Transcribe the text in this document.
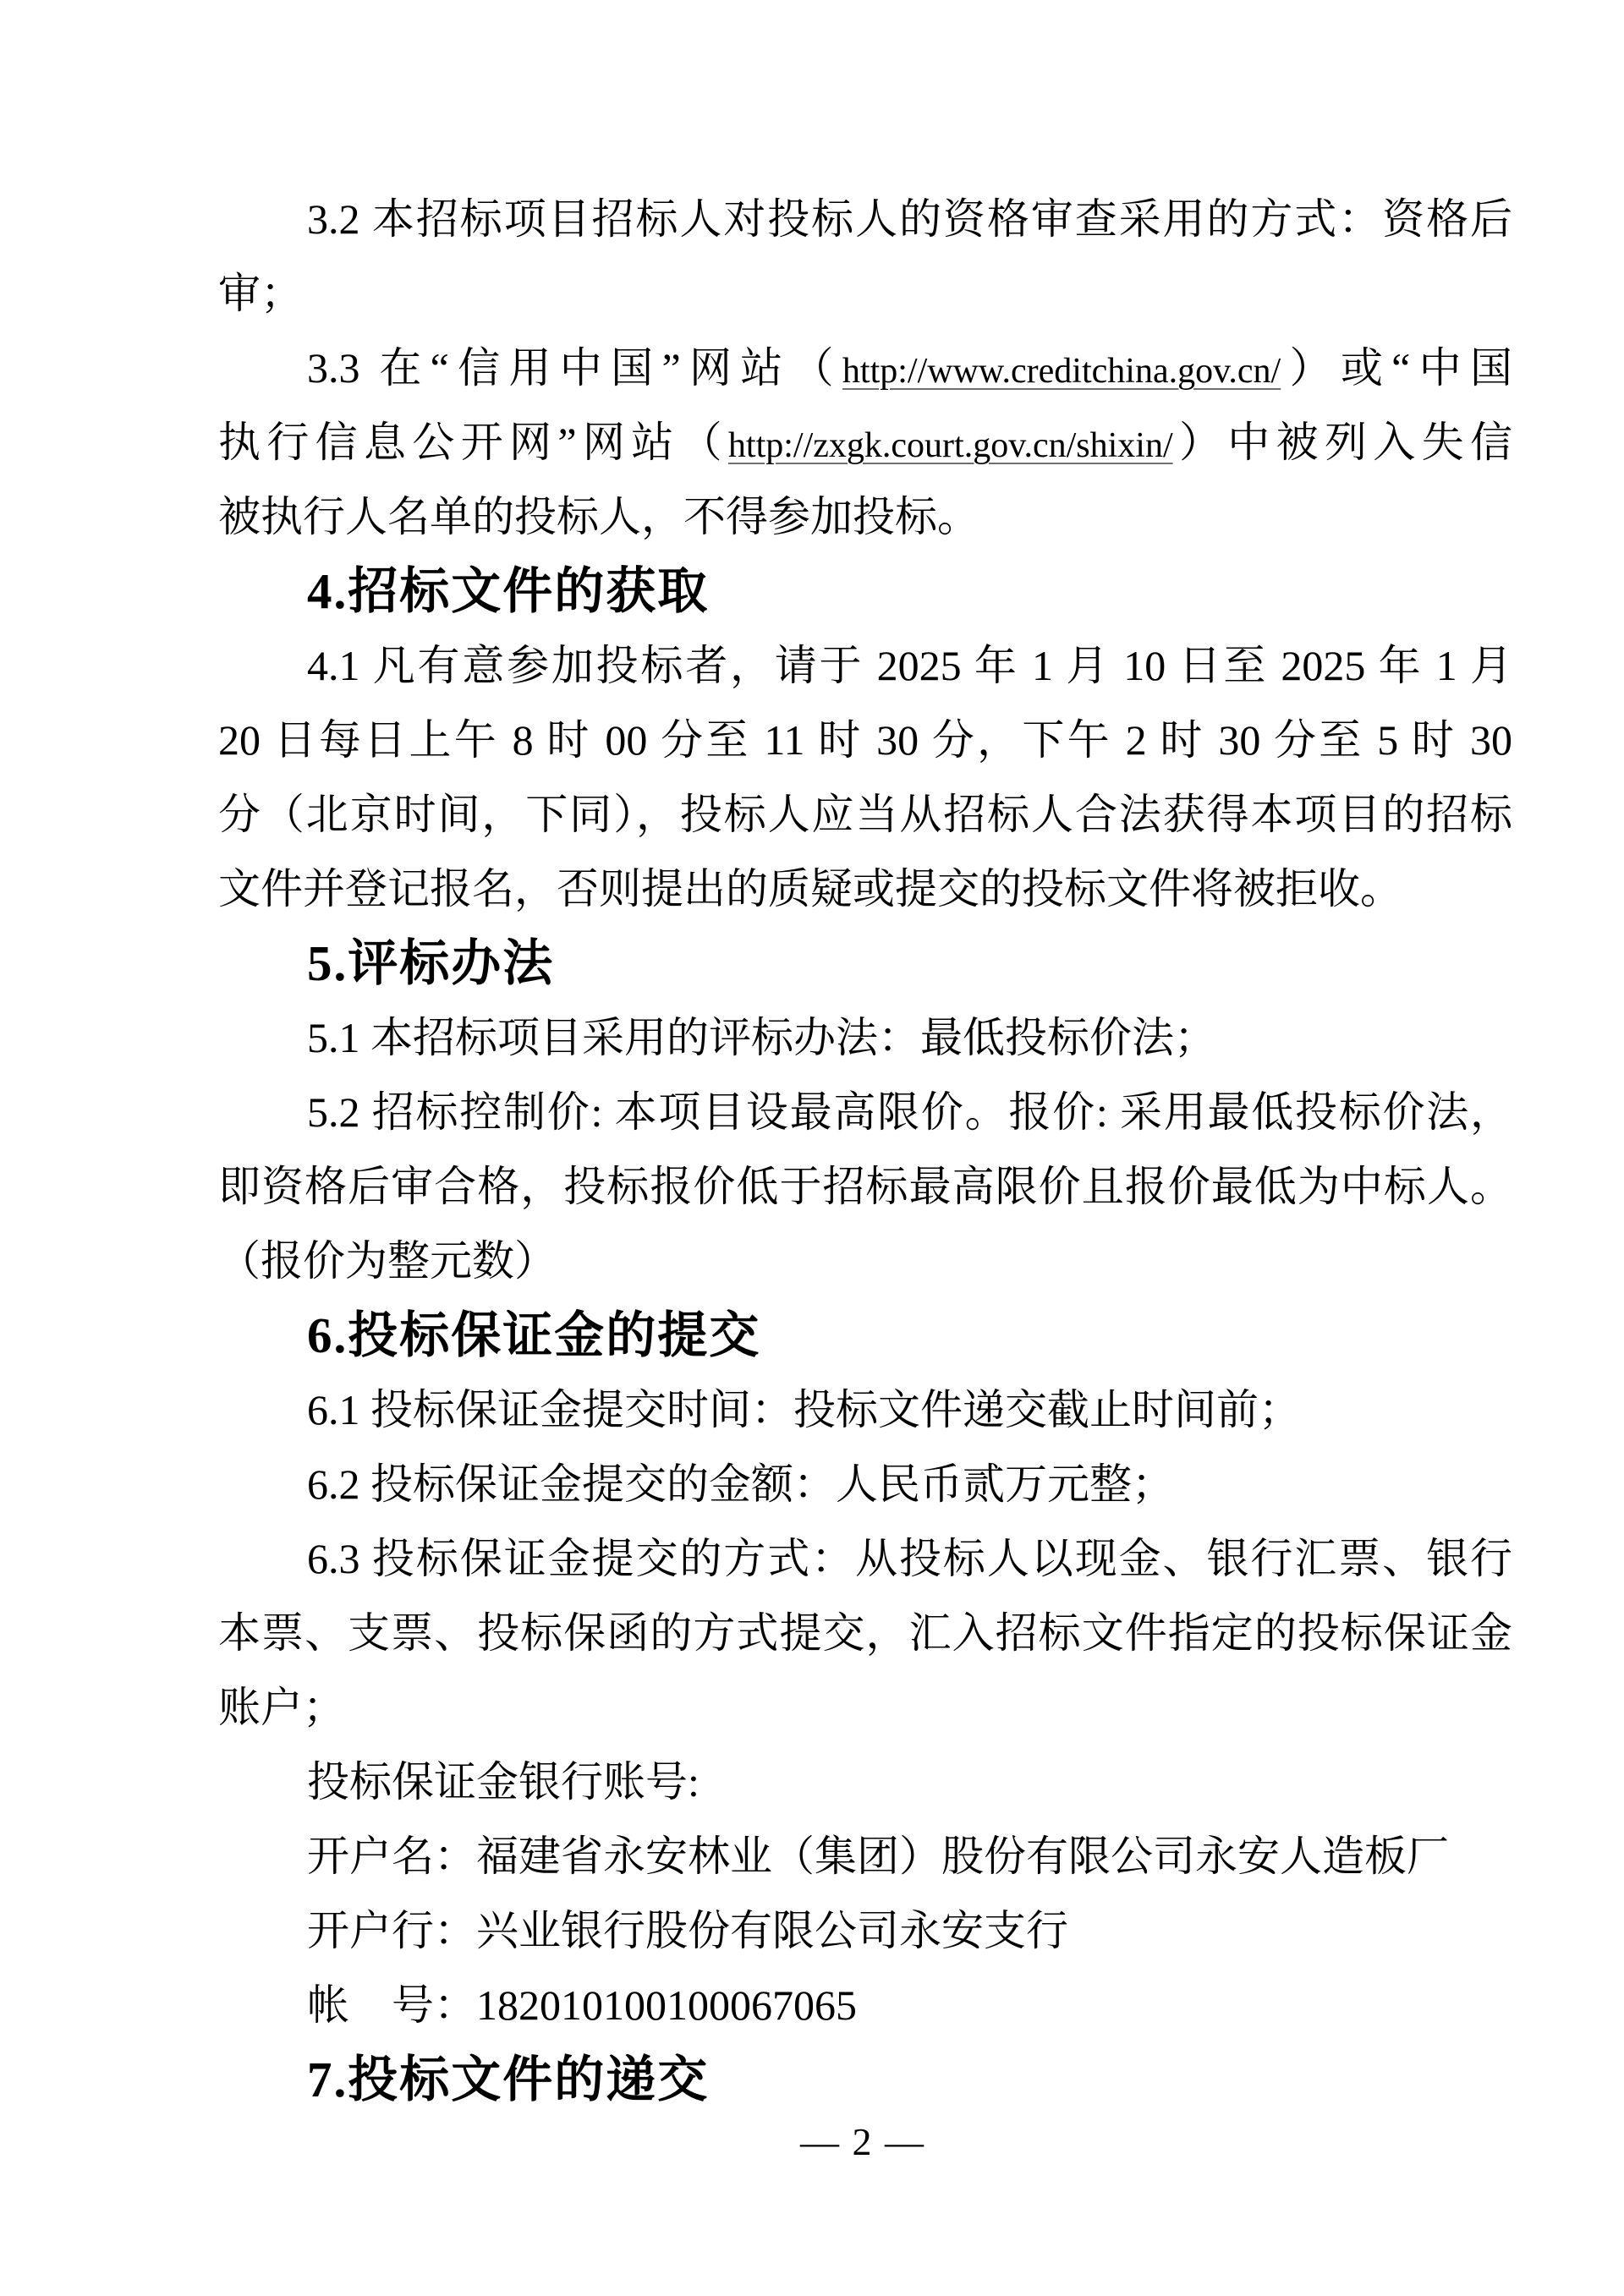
3.2 本招标项目招标人对投标人的资格审查采用的方式：资格后
审；
3.3 在“信用中国”网站（http://www.creditchina.gov.cn/）或“中国
执行信息公开网”网站（http://zxgk.court.gov.cn/shixin/）中被列入失信
被执行人名单的投标人，不得参加投标。
4.招标文件的获取
4.1 凡有意参加投标者，请于 2025 年 1 月 10 日至 2025 年 1 月
20 日每日上午 8 时 00 分至 11 时 30 分，下午 2 时 30 分至 5 时 30
分（北京时间，下同），投标人应当从招标人合法获得本项目的招标
文件并登记报名，否则提出的质疑或提交的投标文件将被拒收。
5.评标办法
5.1 本招标项目采用的评标办法：最低投标价法；
5.2 招标控制价: 本项目设最高限价。报价: 采用最低投标价法，
即资格后审合格，投标报价低于招标最高限价且报价最低为中标人。
（报价为整元数）
6.投标保证金的提交
6.1 投标保证金提交时间：投标文件递交截止时间前；
6.2 投标保证金提交的金额：人民币贰万元整；
6.3 投标保证金提交的方式：从投标人以现金、银行汇票、银行
本票、支票、投标保函的方式提交，汇入招标文件指定的投标保证金
账户；
投标保证金银行账号:
开户名：福建省永安林业（集团）股份有限公司永安人造板厂
开户行：兴业银行股份有限公司永安支行
帐　号：182010100100067065
7.投标文件的递交
— 2 —
